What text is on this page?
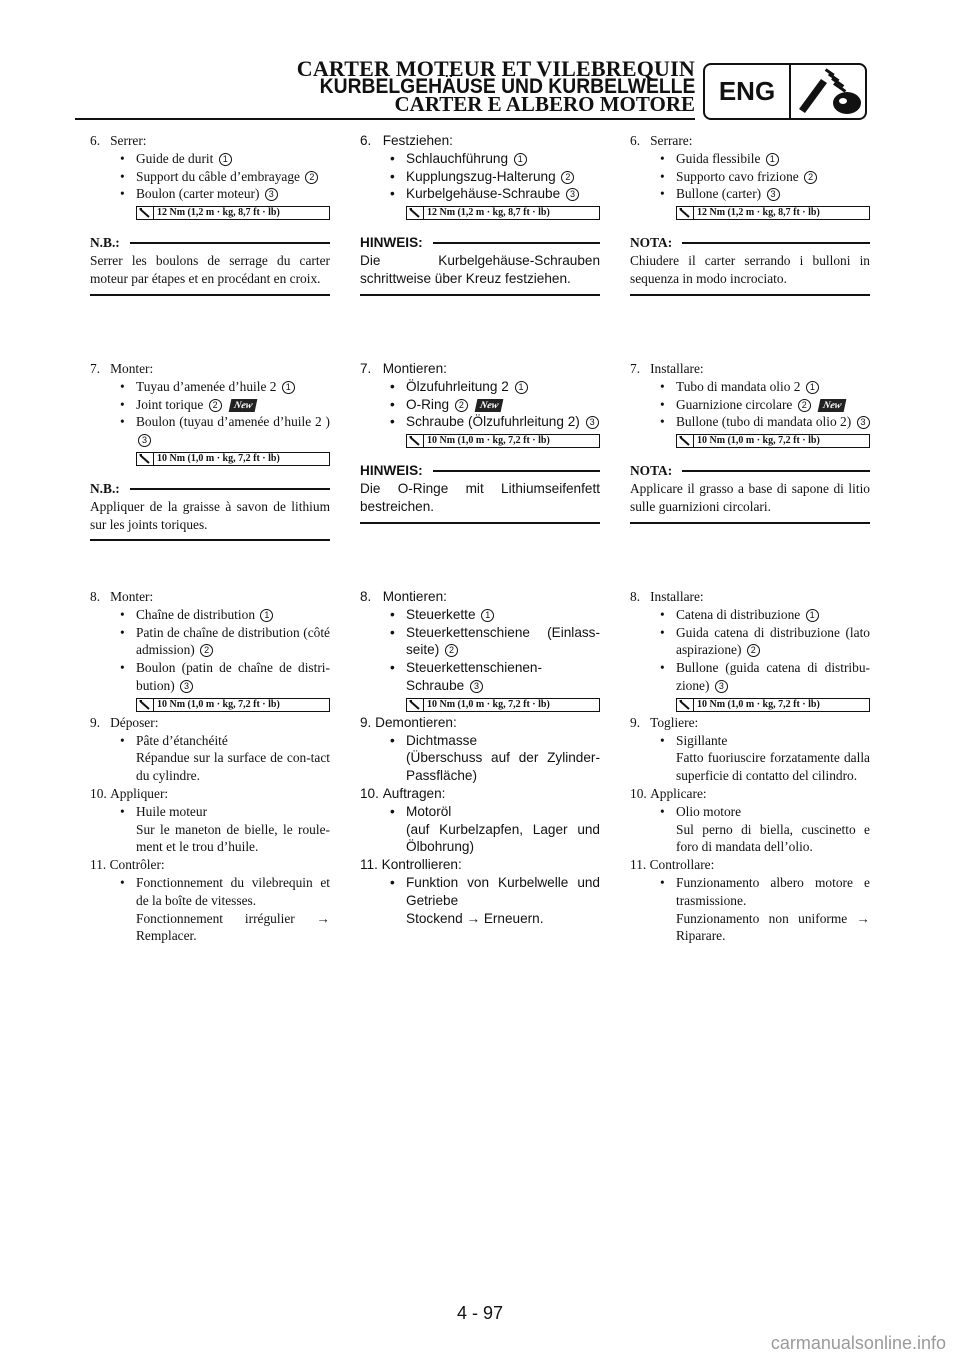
CARTER MOTEUR ET VILEBREQUIN
KURBELGEHÄUSE UND KURBELWELLE
CARTER E ALBERO MOTORE ENG
6. Serrer:
• Guide de durit 1
• Support du câble d’embrayage 2
• Boulon (carter moteur) 3
12 Nm (1,2 m · kg, 8,7 ft · lb)
N.B.:
Serrer les boulons de serrage du carter moteur par étapes et en procédant en croix.
7. Monter:
• Tuyau d’amenée d’huile 2 1
• Joint torique 2 New
• Boulon (tuyau d’amenée d’huile 2 ) 3
10 Nm (1,0 m · kg, 7,2 ft · lb)
N.B.:
Appliquer de la graisse à savon de lithium sur les joints toriques.
8. Monter:
• Chaîne de distribution 1
• Patin de chaîne de distribution (côté admission) 2
• Boulon (patin de chaîne de distri-bution) 3
10 Nm (1,0 m · kg, 7,2 ft · lb)
9. Déposer:
• Pâte d’étanchéité
Répandue sur la surface de con-tact du cylindre.
10. Appliquer:
• Huile moteur
Sur le maneton de bielle, le roule-ment et le trou d’huile.
11. Contrôler:
• Fonctionnement du vilebrequin et de la boîte de vitesses.
Fonctionnement irrégulier → Remplacer.
6. Festziehen:
• Schlauchführung 1
• Kupplungszug-Halterung 2
• Kurbelgehäuse-Schraube 3
12 Nm (1,2 m · kg, 8,7 ft · lb)
HINWEIS:
Die Kurbelgehäuse-Schrauben schrittweise über Kreuz festziehen.
7. Montieren:
• Ölzufuhrleitung 2 1
• O-Ring 2 New
• Schraube (Ölzufuhrleitung 2) 3
10 Nm (1,0 m · kg, 7,2 ft · lb)
HINWEIS:
Die O-Ringe mit Lithiumseifenfett bestreichen.
8. Montieren:
• Steuerkette 1
• Steuerkettenschiene (Einlass-seite) 2
• Steuerkettenschienen-Schraube 3
10 Nm (1,0 m · kg, 7,2 ft · lb)
9. Demontieren:
• Dichtmasse
(Überschuss auf der Zylinder-Passfläche)
10. Auftragen:
• Motoröl
(auf Kurbelzapfen, Lager und Ölbohrung)
11. Kontrollieren:
• Funktion von Kurbelwelle und Getriebe
Stockend → Erneuern.
6. Serrare:
• Guida flessibile 1
• Supporto cavo frizione 2
• Bullone (carter) 3
12 Nm (1,2 m · kg, 8,7 ft · lb)
NOTA:
Chiudere il carter serrando i bulloni in sequenza in modo incrociato.
7. Installare:
• Tubo di mandata olio 2 1
• Guarnizione circolare 2 New
• Bullone (tubo di mandata olio 2) 3
10 Nm (1,0 m · kg, 7,2 ft · lb)
NOTA:
Applicare il grasso a base di sapone di litio sulle guarnizioni circolari.
8. Installare:
• Catena di distribuzione 1
• Guida catena di distribuzione (lato aspirazione) 2
• Bullone (guida catena di distribu-zione) 3
10 Nm (1,0 m · kg, 7,2 ft · lb)
9. Togliere:
• Sigillante
Fatto fuoriuscire forzatamente dalla superficie di contatto del cilindro.
10. Applicare:
• Olio motore
Sul perno di biella, cuscinetto e foro di mandata dell’olio.
11. Controllare:
• Funzionamento albero motore e trasmissione.
Funzionamento non uniforme → Riparare.
4 - 97
carmanualsonline.info
